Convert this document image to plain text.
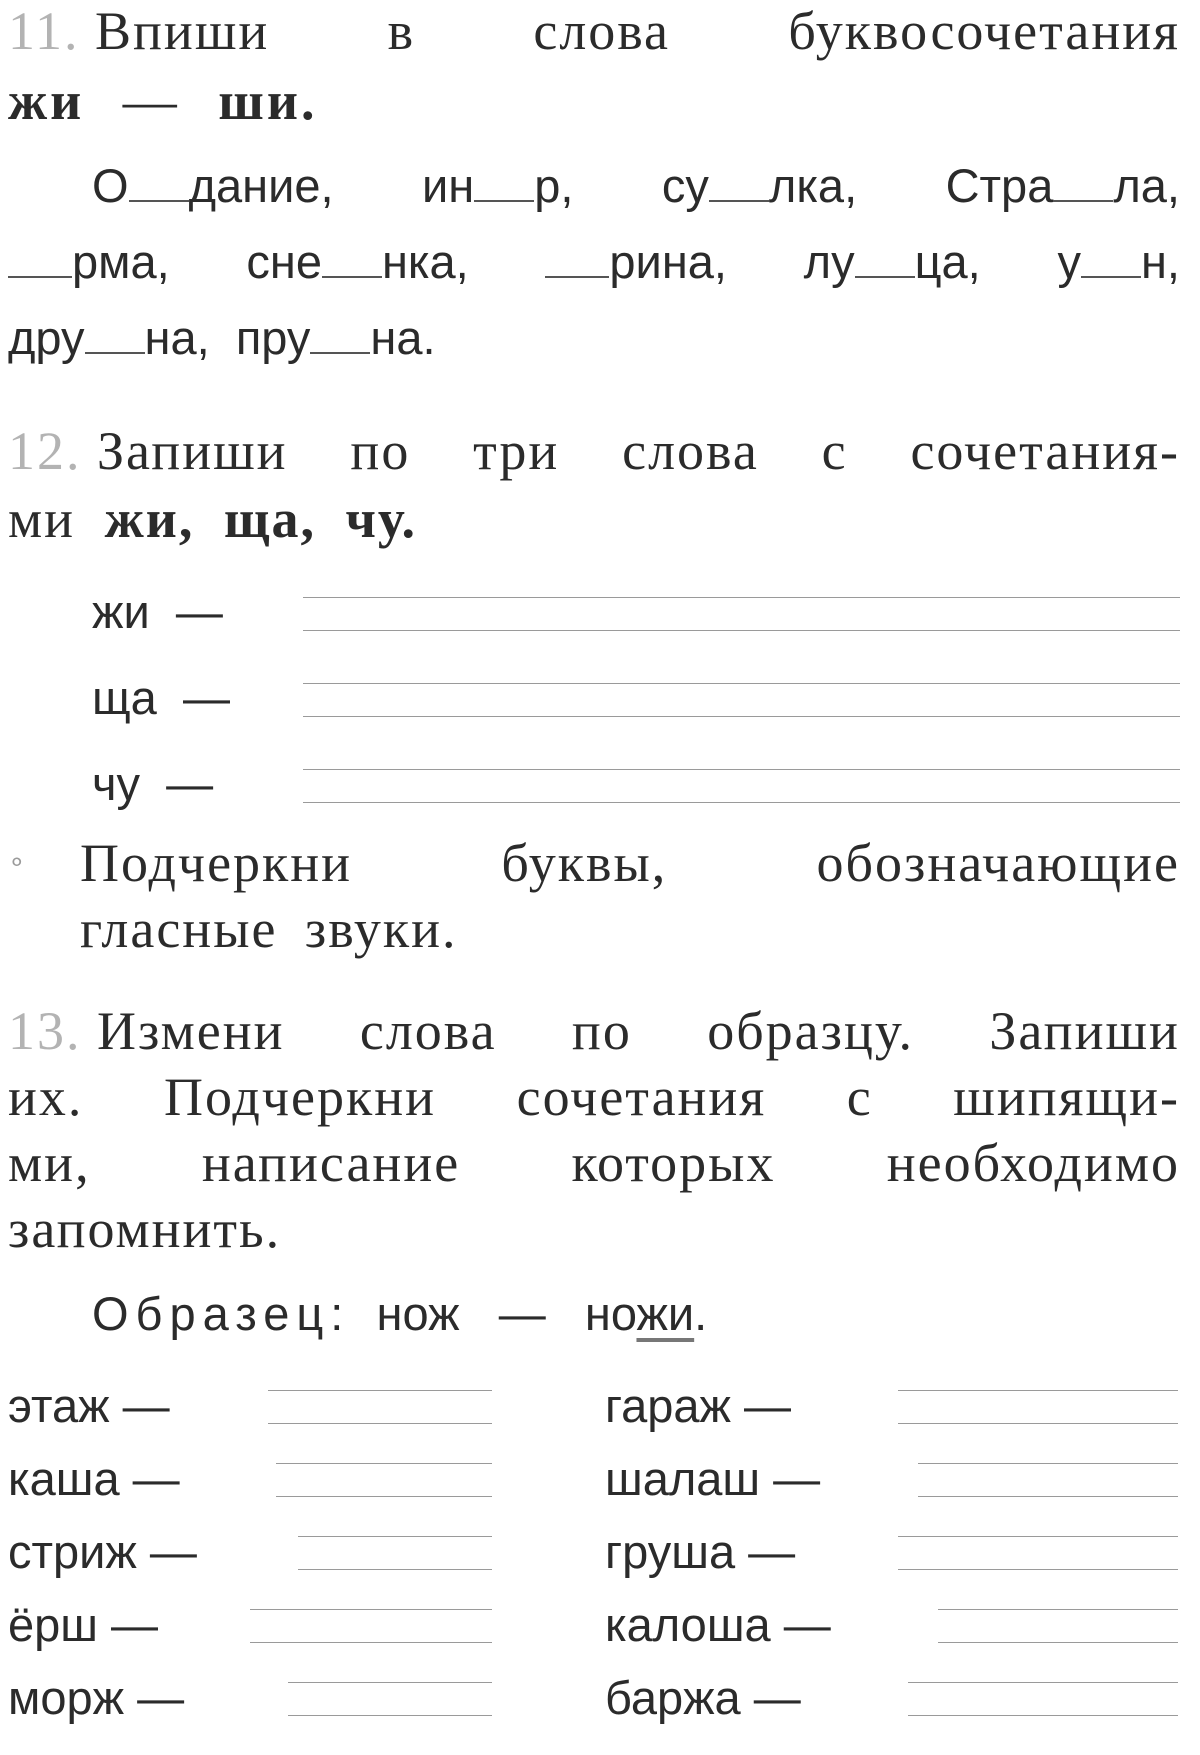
11. Впиши в слова буквосочетания
жи — ши.
О дание, ин р, су лка, Стра ла,
рма, сне нка,	рина, лу ца, у н,
дру на, пру на.
12. Запиши по три слова с сочетания-
ми жи, ща, чу.
жи —
ща —
чу —
∘ Подчеркни	буквы,	обозначающие
гласные звуки.
13. Измени слова по образцу. Запиши
их. Подчеркни сочетания с шипящи-
ми, написание которых необходимо
запомнить.
Образец: нож — ножи.
этаж —
каша —
стриж —
ёрш —
морж —
гараж —
шалаш —
груша —
калоша —
баржа —
